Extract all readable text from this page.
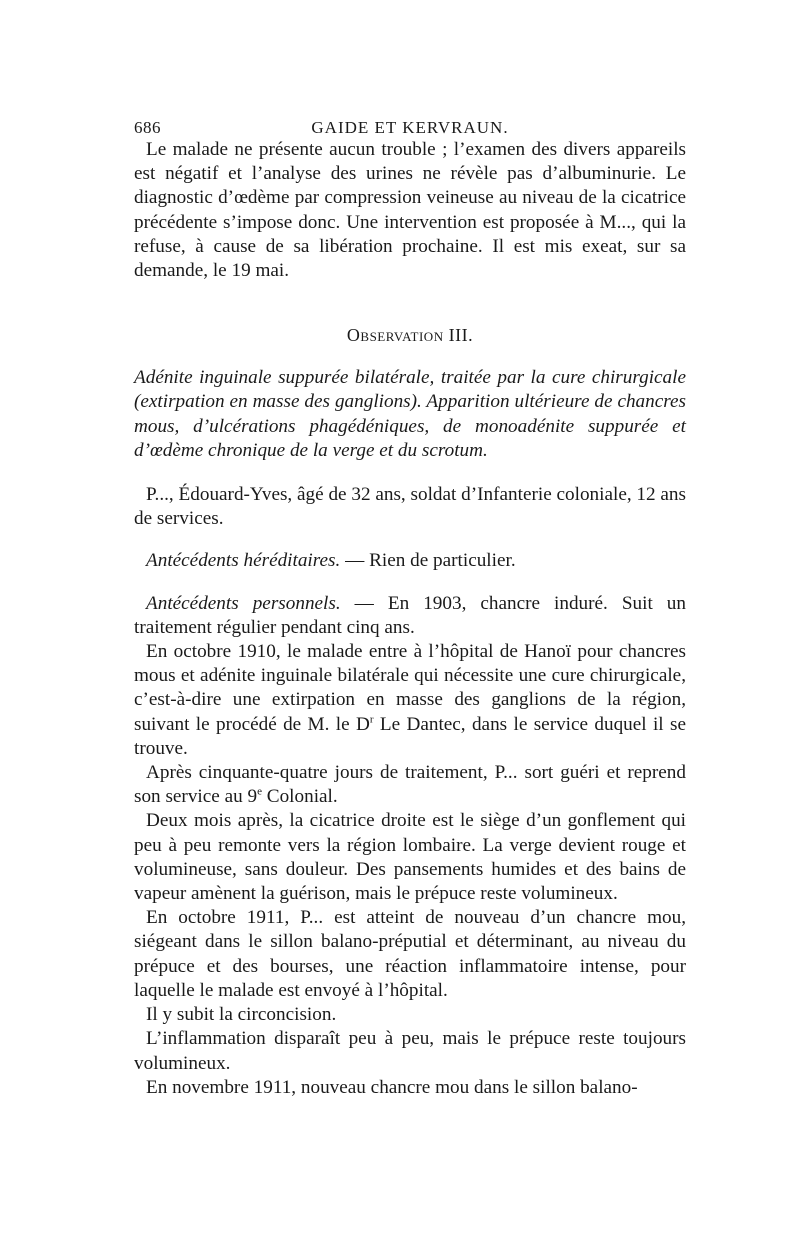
686	GAIDE ET KERVRAUN.

Le malade ne présente aucun trouble ; l’examen des divers appareils est négatif et l’analyse des urines ne révèle pas d’albuminurie. Le diagnostic d’œdème par compression veineuse au niveau de la cicatrice précédente s’impose donc. Une intervention est proposée à M..., qui la refuse, à cause de sa libération prochaine. Il est mis exeat, sur sa demande, le 19 mai.

Observation III.

Adénite inguinale suppurée bilatérale, traitée par la cure chirurgicale (extirpation en masse des ganglions). Apparition ultérieure de chancres mous, d’ulcérations phagédéniques, de monoadénite suppurée et d’œdème chronique de la verge et du scrotum.

P..., Édouard-Yves, âgé de 32 ans, soldat d’Infanterie coloniale, 12 ans de services.

Antécédents héréditaires. — Rien de particulier.

Antécédents personnels. — En 1903, chancre induré. Suit un traitement régulier pendant cinq ans.

En octobre 1910, le malade entre à l’hôpital de Hanoï pour chancres mous et adénite inguinale bilatérale qui nécessite une cure chirurgicale, c’est-à-dire une extirpation en masse des ganglions de la région, suivant le procédé de M. le $D^r$ Le Dantec, dans le service duquel il se trouve.

Après cinquante-quatre jours de traitement, P... sort guéri et reprend son service au 9e Colonial.

Deux mois après, la cicatrice droite est le siège d’un gonflement qui peu à peu remonte vers la région lombaire. La verge devient rouge et volumineuse, sans douleur. Des pansements humides et des bains de vapeur amènent la guérison, mais le prépuce reste volumineux.

En octobre 1911, P... est atteint de nouveau d’un chancre mou, siégeant dans le sillon balano-préputial et déterminant, au niveau du prépuce et des bourses, une réaction inflammatoire intense, pour laquelle le malade est envoyé à l’hôpital.

Il y subit la circoncision.

L’inflammation disparaît peu à peu, mais le prépuce reste toujours volumineux.

En novembre 1911, nouveau chancre mou dans le sillon balano-
